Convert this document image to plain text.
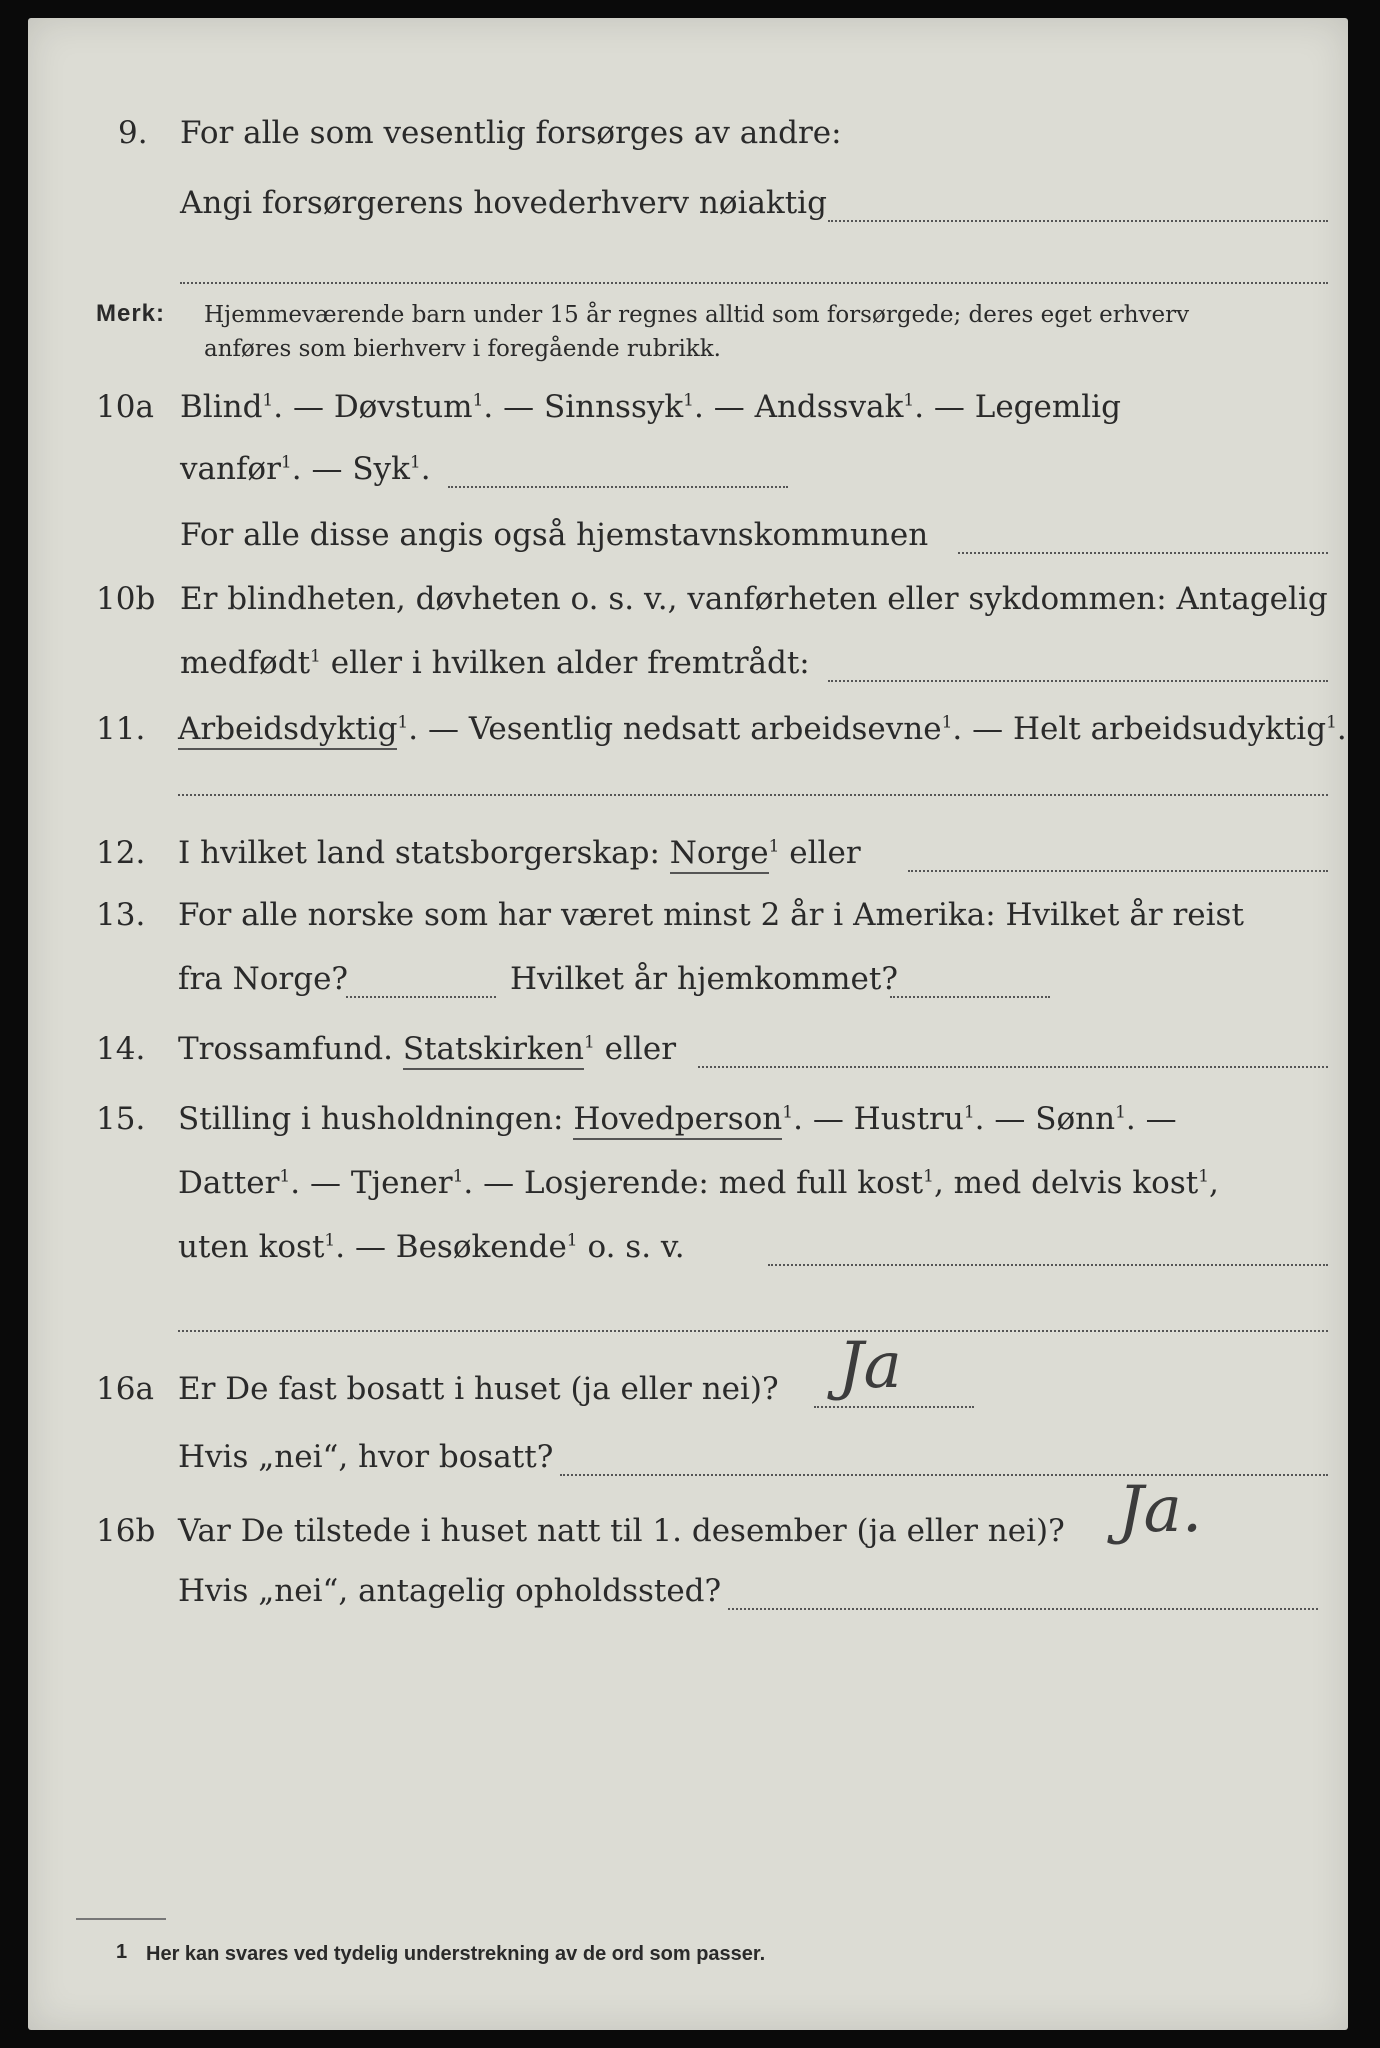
9. For alle som vesentlig forsørges av andre:
Angi forsørgerens hovederhverv nøiaktig
Merk: Hjemmeværende barn under 15 år regnes alltid som forsørgede; deres eget erhverv
anføres som bierhverv i foregående rubrikk.
10a Blind$^1$. — Døvstum$^1$. — Sinnssyk$^1$. — Andssvak$^1$. — Legemlig
vanfør$^1$. — Syk$^1$.
For alle disse angis også hjemstavnskommunen
10b Er blindheten, døvheten o. s. v., vanførheten eller sykdommen: Antagelig
medfødt$^1$ eller i hvilken alder fremtrådt:
11. Arbeidsdyktig$^1$. — Vesentlig nedsatt arbeidsevne$^1$. — Helt arbeidsudyktig$^1$.
12. I hvilket land statsborgerskap: Norge$^1$ eller
13. For alle norske som har været minst 2 år i Amerika: Hvilket år reist
fra Norge?	Hvilket år hjemkommet?
14. Trossamfund. Statskirken$^1$ eller
15. Stilling i husholdningen: Hovedperson$^1$. — Hustru$^1$. — Sønn$^1$. —
Datter$^1$. — Tjener$^1$. — Losjerende: med full kost$^1$, med delvis kost$^1$,
uten kost$^1$. — Besøkende$^1$ o. s. v.
16a Er De fast bosatt i huset (ja eller nei)? Ja
Hvis „nei“, hvor bosatt?
16b Var De tilstede i huset natt til 1. desember (ja eller nei)? Ja.
Hvis „nei“, antagelig opholdssted?
1 Her kan svares ved tydelig understrekning av de ord som passer.
